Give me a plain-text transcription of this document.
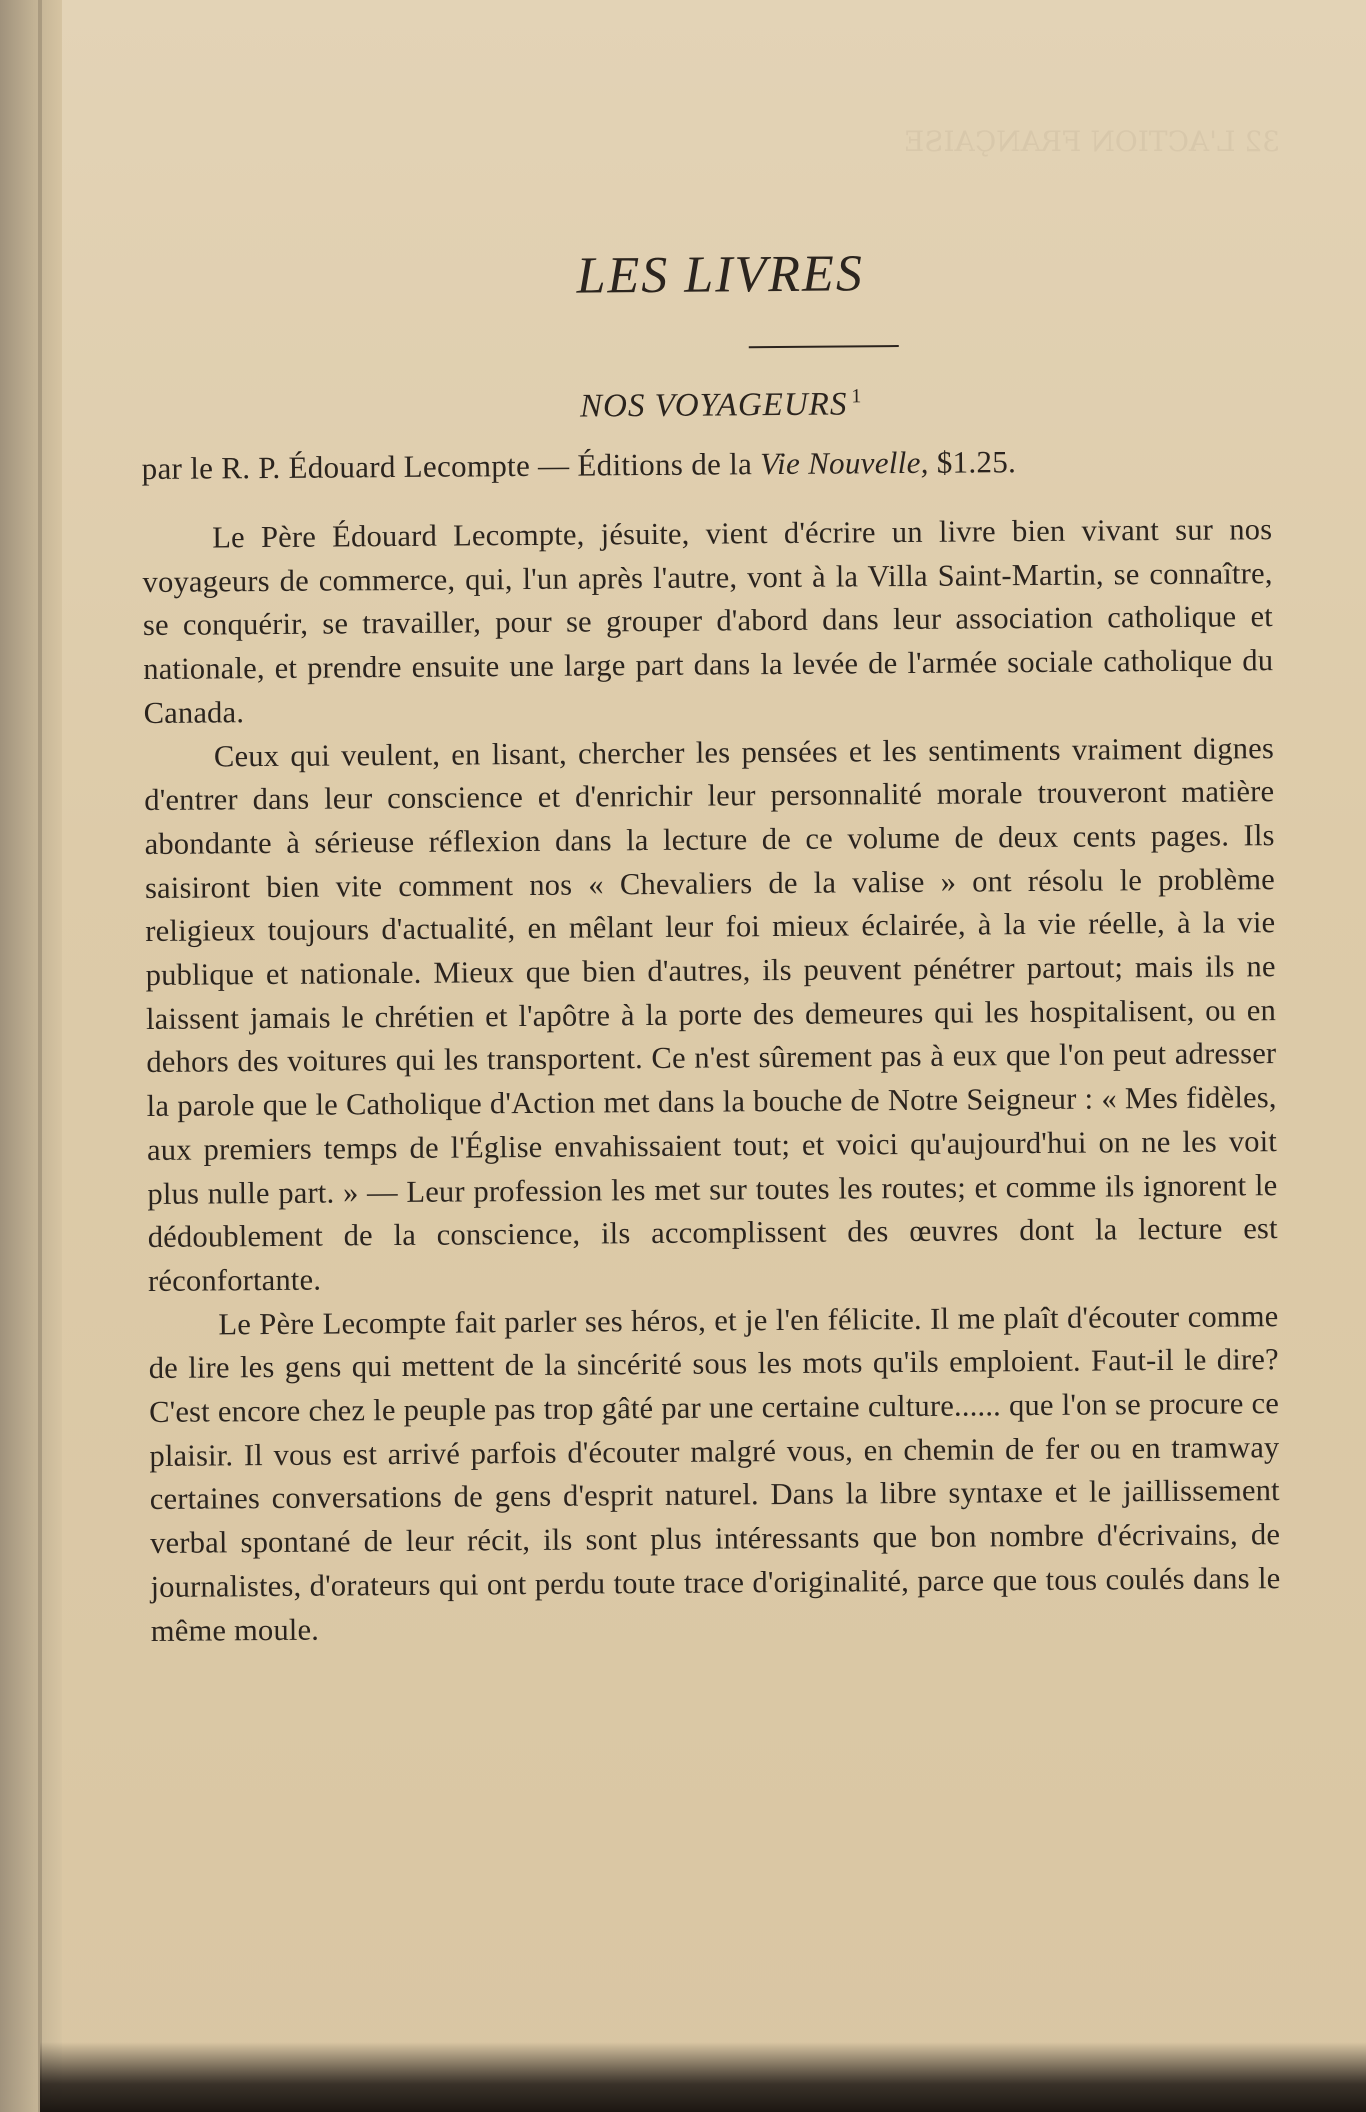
32 L'ACTION FRANÇAISE
LES LIVRES
NOS VOYAGEURS $^1$

par le R. P. Édouard Lecompte — Éditions de la Vie Nouvelle, $1.25.

Le Père Édouard Lecompte, jésuite, vient d'écrire un livre bien vivant sur nos voyageurs de commerce, qui, l'un après l'autre, vont à la Villa Saint-Martin, se connaître, se conquérir, se travailler, pour se grouper d'abord dans leur association catholique et nationale, et prendre ensuite une large part dans la levée de l'armée sociale catholique du Canada.

Ceux qui veulent, en lisant, chercher les pensées et les sentiments vraiment dignes d'entrer dans leur conscience et d'enrichir leur personnalité morale trouveront matière abondante à sérieuse réflexion dans la lecture de ce volume de deux cents pages. Ils saisiront bien vite comment nos « Chevaliers de la valise » ont résolu le problème religieux toujours d'actualité, en mêlant leur foi mieux éclairée, à la vie réelle, à la vie publique et nationale. Mieux que bien d'autres, ils peuvent pénétrer partout; mais ils ne laissent jamais le chrétien et l'apôtre à la porte des demeures qui les hospitalisent, ou en dehors des voitures qui les transportent. Ce n'est sûrement pas à eux que l'on peut adresser la parole que le Catholique d'Action met dans la bouche de Notre Seigneur : « Mes fidèles, aux premiers temps de l'Église envahissaient tout; et voici qu'aujourd'hui on ne les voit plus nulle part. » — Leur profession les met sur toutes les routes; et comme ils ignorent le dédoublement de la conscience, ils accomplissent des œuvres dont la lecture est réconfortante.

Le Père Lecompte fait parler ses héros, et je l'en félicite. Il me plaît d'écouter comme de lire les gens qui mettent de la sincérité sous les mots qu'ils emploient. Faut-il le dire? C'est encore chez le peuple pas trop gâté par une certaine culture...... que l'on se procure ce plaisir. Il vous est arrivé parfois d'écouter malgré vous, en chemin de fer ou en tramway certaines conversations de gens d'esprit naturel. Dans la libre syntaxe et le jaillissement verbal spontané de leur récit, ils sont plus intéressants que bon nombre d'écrivains, de journalistes, d'orateurs qui ont perdu toute trace d'originalité, parce que tous coulés dans le même moule.
